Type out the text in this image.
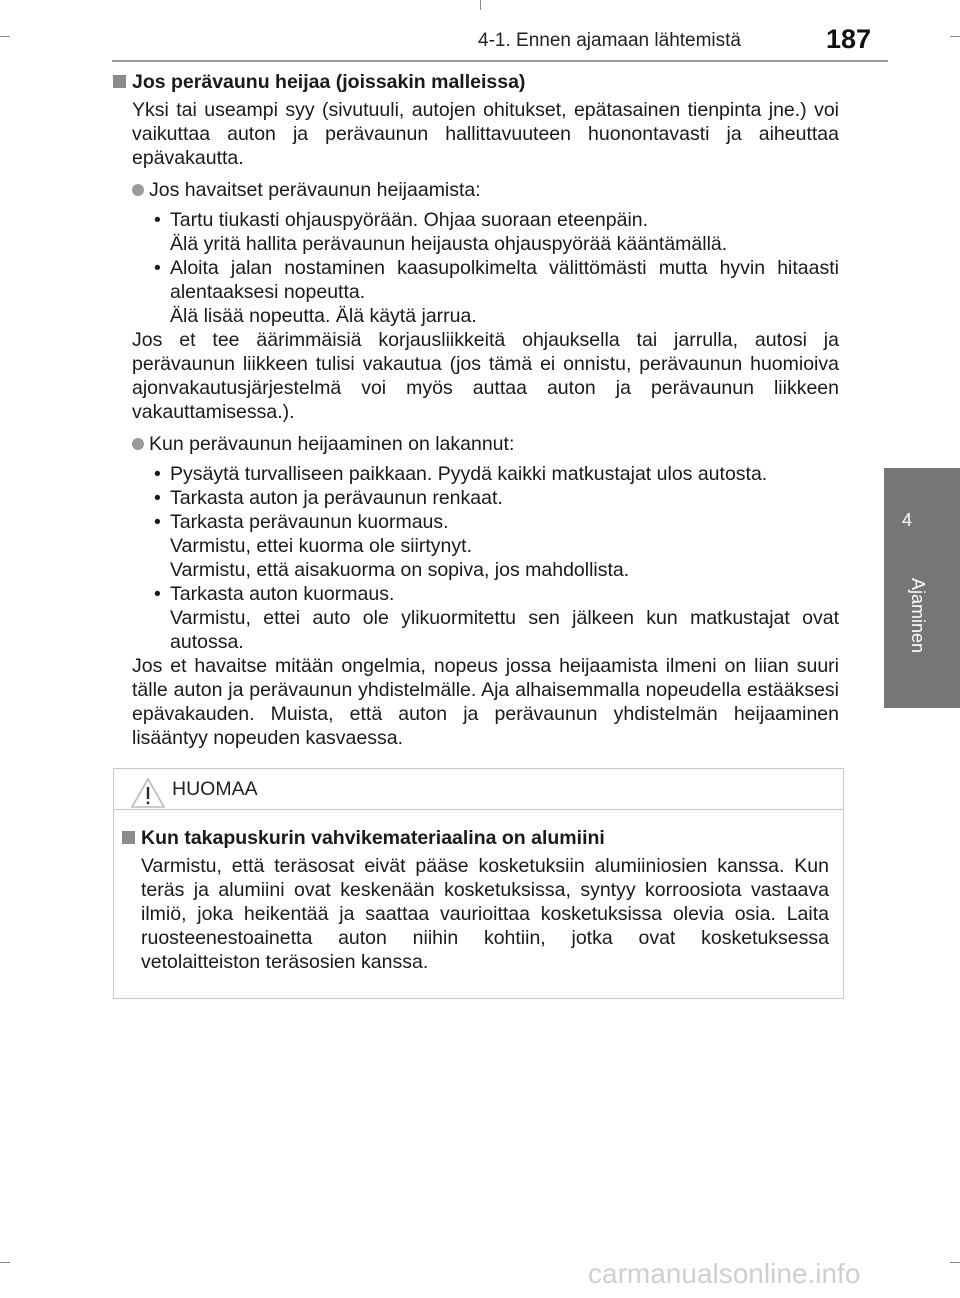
4-1. Ennen ajamaan lähtemistä	187
4
Ajaminen
Jos perävaunu heijaa (joissakin malleissa)

Yksi tai useampi syy (sivutuuli, autojen ohitukset, epätasainen tienpinta jne.) voi vaikuttaa auton ja perävaunun hallittavuuteen huonontavasti ja aiheuttaa epävakautta.

Jos havaitset perävaunun heijaamista:
• Tartu tiukasti ohjauspyörään. Ohjaa suoraan eteenpäin.
Älä yritä hallita perävaunun heijausta ohjauspyörää kääntämällä.
• Aloita jalan nostaminen kaasupolkimelta välittömästi mutta hyvin hitaasti alentaaksesi nopeutta.
Älä lisää nopeutta. Älä käytä jarrua.

Jos et tee äärimmäisiä korjausliikkeitä ohjauksella tai jarrulla, autosi ja perävaunun liikkeen tulisi vakautua (jos tämä ei onnistu, perävaunun huomioiva ajonvakautusjärjestelmä voi myös auttaa auton ja perävaunun liikkeen vakauttamisessa.).

Kun perävaunun heijaaminen on lakannut:
• Pysäytä turvalliseen paikkaan. Pyydä kaikki matkustajat ulos autosta.
• Tarkasta auton ja perävaunun renkaat.
• Tarkasta perävaunun kuormaus.
Varmistu, ettei kuorma ole siirtynyt.
Varmistu, että aisakuorma on sopiva, jos mahdollista.
• Tarkasta auton kuormaus.
Varmistu, ettei auto ole ylikuormitettu sen jälkeen kun matkustajat ovat autossa.

Jos et havaitse mitään ongelmia, nopeus jossa heijaamista ilmeni on liian suuri tälle auton ja perävaunun yhdistelmälle. Aja alhaisemmalla nopeudella estääksesi epävakauden. Muista, että auton ja perävaunun yhdistelmän heijaaminen lisääntyy nopeuden kasvaessa.

HUOMAA
Kun takapuskurin vahvikemateriaalina on alumiini

Varmistu, että teräsosat eivät pääse kosketuksiin alumiiniosien kanssa. Kun teräs ja alumiini ovat keskenään kosketuksissa, syntyy korroosiota vastaava ilmiö, joka heikentää ja saattaa vaurioittaa kosketuksissa olevia osia. Laita ruosteenestoainetta auton niihin kohtiin, jotka ovat kosketuksessa vetolaitteiston teräsosien kanssa.

carmanualsonline.info
